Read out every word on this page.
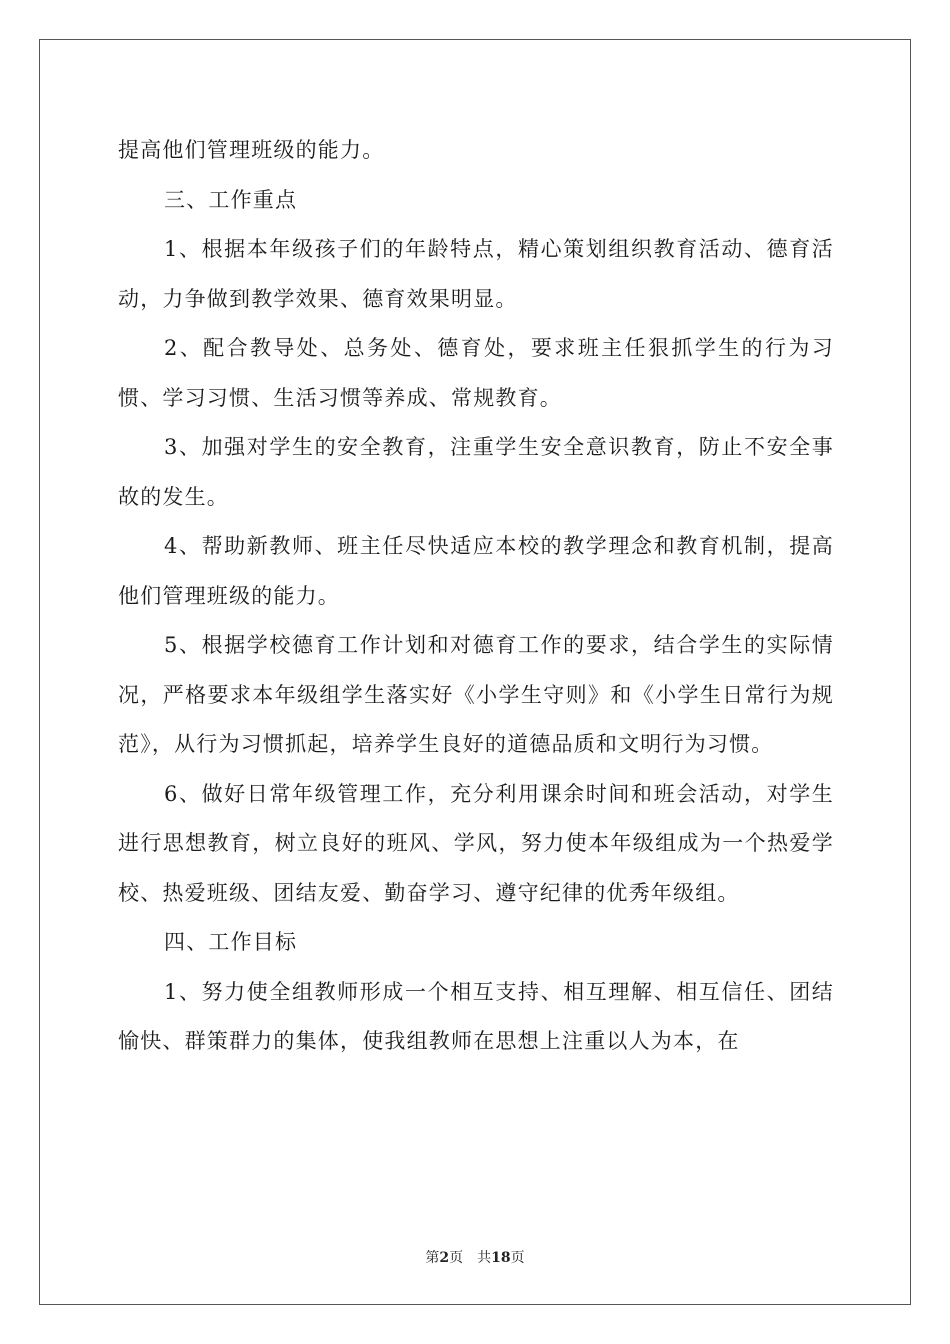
提高他们管理班级的能力。

三、工作重点

1、根据本年级孩子们的年龄特点，精心策划组织教育活动、德育活动，力争做到教学效果、德育效果明显。

2、配合教导处、总务处、德育处，要求班主任狠抓学生的行为习惯、学习习惯、生活习惯等养成、常规教育。

3、加强对学生的安全教育，注重学生安全意识教育，防止不安全事故的发生。

4、帮助新教师、班主任尽快适应本校的教学理念和教育机制，提高他们管理班级的能力。

5、根据学校德育工作计划和对德育工作的要求，结合学生的实际情况，严格要求本年级组学生落实好《小学生守则》和《小学生日常行为规范》，从行为习惯抓起，培养学生良好的道德品质和文明行为习惯。

6、做好日常年级管理工作，充分利用课余时间和班会活动，对学生进行思想教育，树立良好的班风、学风，努力使本年级组成为一个热爱学校、热爱班级、团结友爱、勤奋学习、遵守纪律的优秀年级组。

四、工作目标

1、努力使全组教师形成一个相互支持、相互理解、相互信任、团结愉快、群策群力的集体，使我组教师在思想上注重以人为本，在

第2页 共18页
